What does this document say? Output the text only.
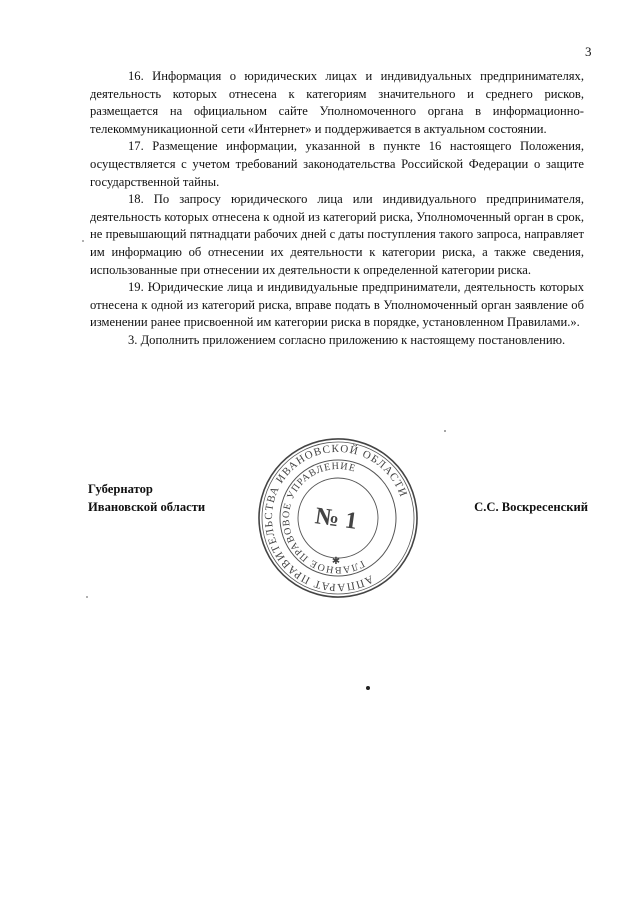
3

16. Информация о юридических лицах и индивидуальных предпринимателях, деятельность которых отнесена к категориям значительного и среднего рисков, размещается на официальном сайте Уполномоченного органа в информационно-телекоммуникационной сети «Интернет» и поддерживается в актуальном состоянии.

17. Размещение информации, указанной в пункте 16 настоящего Положения, осуществляется с учетом требований законодательства Российской Федерации о защите государственной тайны.

18. По запросу юридического лица или индивидуального предпринимателя, деятельность которых отнесена к одной из категорий риска, Уполномоченный орган в срок, не превышающий пятнадцати рабочих дней с даты поступления такого запроса, направляет им информацию об отнесении их деятельности к категории риска, а также сведения, использованные при отнесении их деятельности к определенной категории риска.

19. Юридические лица и индивидуальные предприниматели, деятельность которых отнесена к одной из категорий риска, вправе подать в Уполномоченный орган заявление об изменении ранее присвоенной им категории риска в порядке, установленном Правилами.».

3. Дополнить приложением согласно приложению к настоящему постановлению.

Губернатор
Ивановской области	С.С. Воскресенский
АППАРАТ ПРАВИТЕЛЬСТВА ИВАНОВСКОЙ ОБЛАСТИ
ГЛАВНОЕ ПРАВОВОЕ УПРАВЛЕНИЕ
№ 1
✱
